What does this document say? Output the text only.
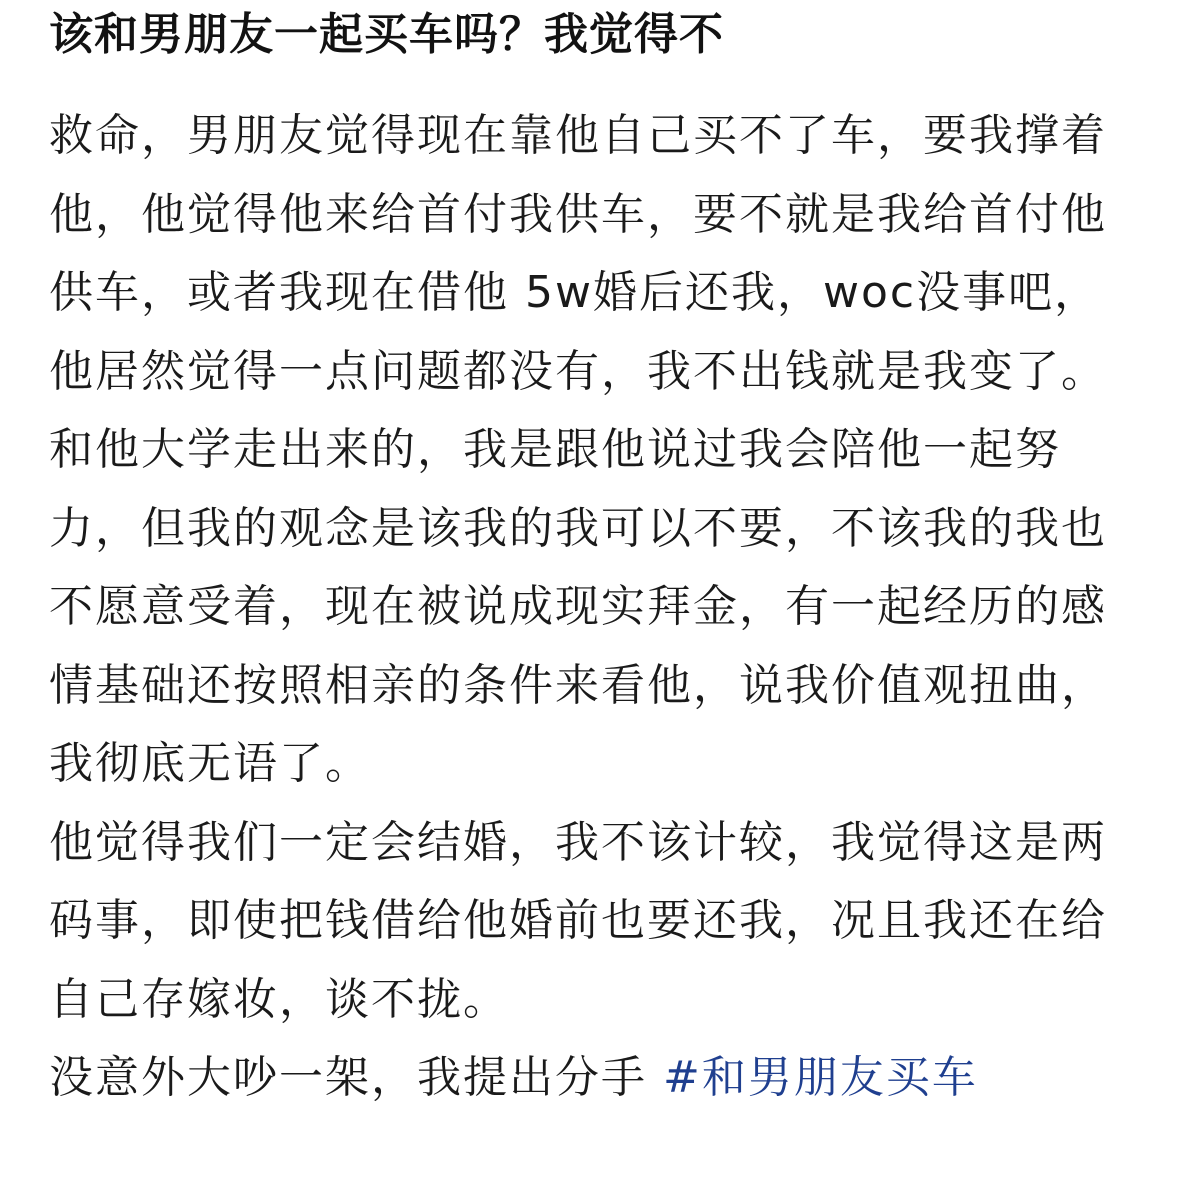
该和男朋友一起买车吗？我觉得不

救命，男朋友觉得现在靠他自己买不了车，要我撑着他，他觉得他来给首付我供车，要不就是我给首付他供车，或者我现在借他 5w婚后还我，woc没事吧，他居然觉得一点问题都没有，我不出钱就是我变了。

和他大学走出来的，我是跟他说过我会陪他一起努力，但我的观念是该我的我可以不要，不该我的我也不愿意受着，现在被说成现实拜金，有一起经历的感情基础还按照相亲的条件来看他，说我价值观扭曲，我彻底无语了。

他觉得我们一定会结婚，我不该计较，我觉得这是两码事，即使把钱借给他婚前也要还我，况且我还在给自己存嫁妆，谈不拢。

没意外大吵一架，我提出分手 #和男朋友买车
